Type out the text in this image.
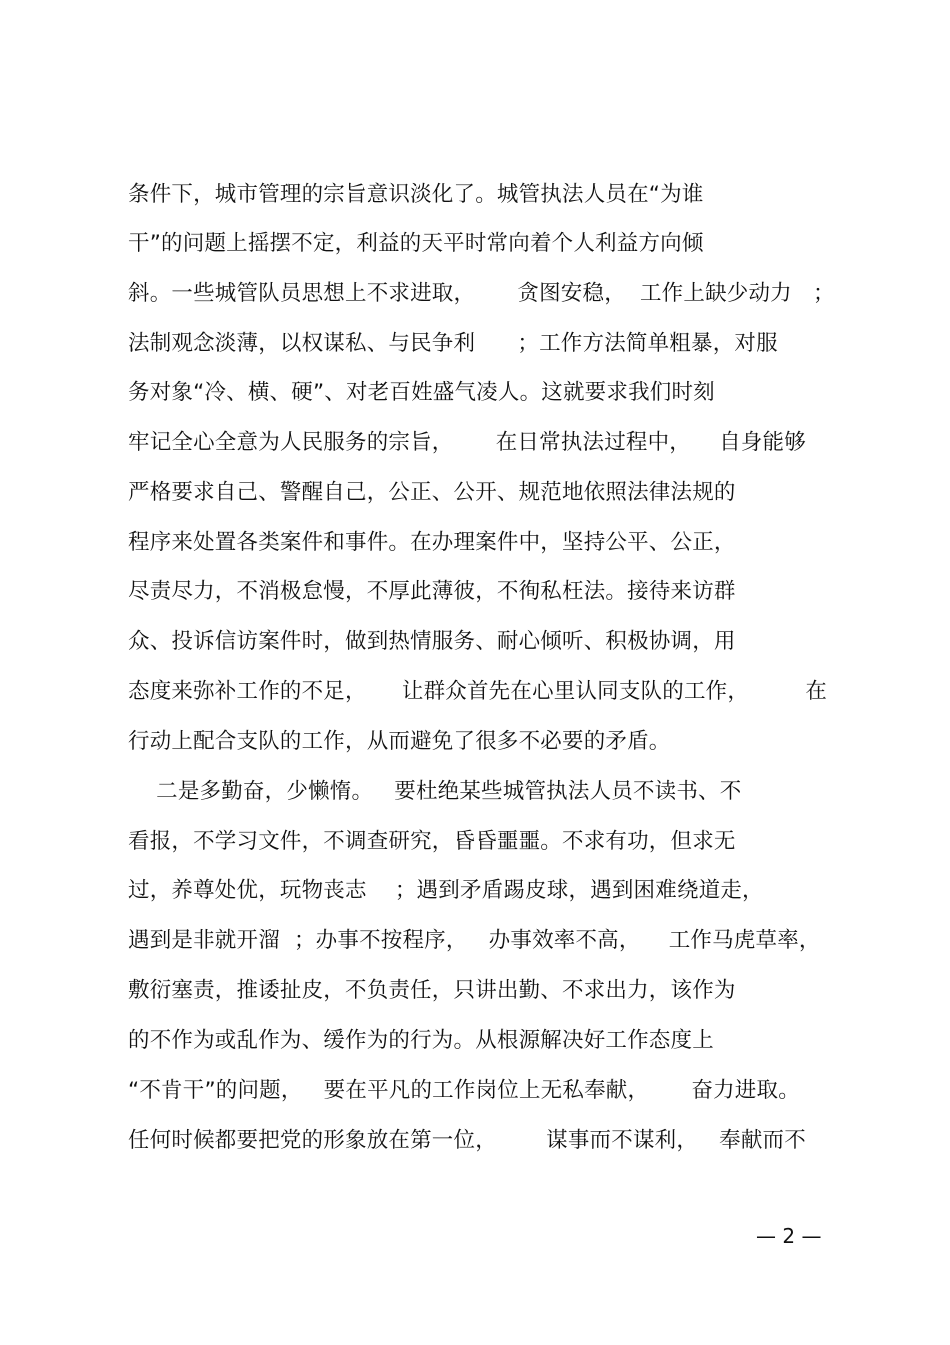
条件下，城市管理的宗旨意识淡化了。城管执法人员在“为谁
干”的问题上摇摆不定，利益的天平时常向着个人利益方向倾
斜。一些城管队员思想上不求进取，      贪图安稳，  工作上缺少动力   ；
法制观念淡薄，以权谋私、与民争利      ；工作方法简单粗暴，对服
务对象“冷、横、硬”、对老百姓盛气凌人。这就要求我们时刻
牢记全心全意为人民服务的宗旨，      在日常执法过程中，    自身能够
严格要求自己、警醒自己，公正、公开、规范地依照法律法规的
程序来处置各类案件和事件。在办理案件中，坚持公平、公正，
尽责尽力，不消极怠慢，不厚此薄彼，不徇私枉法。接待来访群
众、投诉信访案件时，做到热情服务、耐心倾听、积极协调，用
态度来弥补工作的不足，     让群众首先在心里认同支队的工作，        在
行动上配合支队的工作，从而避免了很多不必要的矛盾。
二是多勤奋，少懒惰。   要杜绝某些城管执法人员不读书、不
看报，不学习文件，不调查研究，昏昏噩噩。不求有功，但求无
过，养尊处优，玩物丧志    ；遇到矛盾踢皮球，遇到困难绕道走，
遇到是非就开溜  ；办事不按程序，   办事效率不高，    工作马虎草率，
敷衍塞责，推诿扯皮，不负责任，只讲出勤、不求出力，该作为
的不作为或乱作为、缓作为的行为。从根源解决好工作态度上
“不肯干”的问题，   要在平凡的工作岗位上无私奉献，      奋力进取。
任何时候都要把党的形象放在第一位，       谋事而不谋利，   奉献而不
— 2 —
